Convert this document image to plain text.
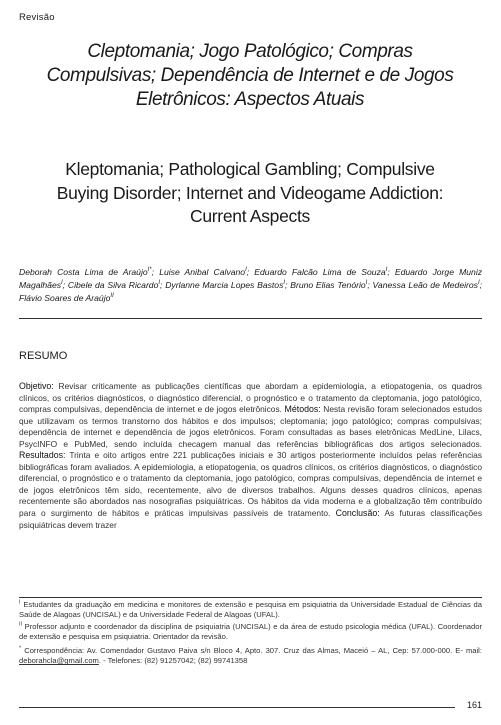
Revisão
Cleptomania; Jogo Patológico; Compras
Compulsivas; Dependência de Internet e de Jogos
Eletrônicos: Aspectos Atuais
Kleptomania; Pathological Gambling; Compulsive
Buying Disorder; Internet and Videogame Addiction:
Current Aspects
Deborah Costa Lima de Araújo$^{I*}$; Luise Anibal Calvano$^I$; Eduardo Falcão Lima de Souza$^I$; Eduardo Jorge Muniz Magalhães$^I$; Cibele da Silva Ricardo$^I$; Dyrlanne Marcia Lopes Bastos$^I$; Bruno Elias Tenório$^I$; Vanessa Leão de Medeiros$^I$; Flávio Soares de Araújo$^{II}$
RESUMO
Objetivo: Revisar criticamente as publicações científicas que abordam a epidemiologia, a etiopatogenia, os quadros clínicos, os critérios diagnósticos, o diagnóstico diferencial, o prognóstico e o tratamento da cleptomania, jogo patológico, compras compulsivas, dependência de internet e de jogos eletrônicos. Métodos: Nesta revisão foram selecionados estudos que utilizavam os termos transtorno dos hábitos e dos impulsos; cleptomania; jogo patológico; compras compulsivas; dependência de internet e dependência de jogos eletrônicos. Foram consultadas as bases eletrônicas MedLine, Lilacs, PsycINFO e PubMed, sendo incluída checagem manual das referências bibliográficas dos artigos selecionados. Resultados: Trinta e oito artigos entre 221 publicações iniciais e 30 artigos posteriormente incluídos pelas referências bibliográficas foram avaliados. A epidemiologia, a etiopatogenia, os quadros clínicos, os critérios diagnósticos, o diagnóstico diferencial, o prognóstico e o tratamento da cleptomania, jogo patológico, compras compulsivas, dependência de internet e de jogos eletrônicos têm sido, recentemente, alvo de diversos trabalhos. Alguns desses quadros clínicos, apenas recentemente são abordados nas nosografias psiquiátricas. Os hábitos da vida moderna e a globalização têm contribuído para o surgimento de hábitos e práticas impulsivas passíveis de tratamento. Conclusão: As futuras classificações psiquiátricas devem trazer
$^I$ Estudantes da graduação em medicina e monitores de extensão e pesquisa em psiquiatria da Universidade Estadual de Ciências da Saúde de Alagoas (UNCISAL) e da Universidade Federal de Alagoas (UFAL).
$^{II}$ Professor adjunto e coordenador da disciplina de psiquiatria (UNCISAL) e da área de estudo psicologia médica (UFAL). Coordenador de extensão e pesquisa em psiquiatria. Orientador da revisão.
* Correspondência: Av. Comendador Gustavo Paiva s/n Bloco 4, Apto. 307. Cruz das Almas, Maceió – AL, Cep: 57.000-000. E- mail: deborahcla@gmail.com. - Telefones: (82) 91257042; (82) 99741358
161
